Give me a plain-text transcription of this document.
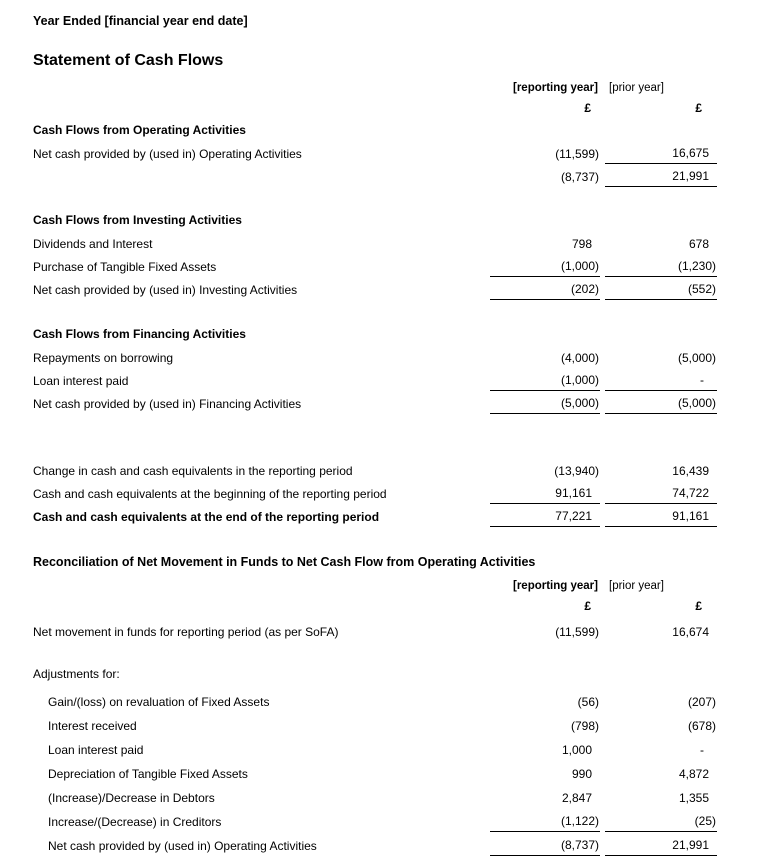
Year Ended [financial year end date]
Statement of Cash Flows
[reporting year] [prior year]
£	£
Cash Flows from Operating Activities
Net cash provided by (used in) Operating Activities	(11,599)	16,675
(8,737)	21,991
Cash Flows from Investing Activities
Dividends and Interest	798	678
Purchase of Tangible Fixed Assets	(1,000)	(1,230)
Net cash provided by (used in) Investing Activities	(202)	(552)
Cash Flows from Financing Activities
Repayments on borrowing	(4,000)	(5,000)
Loan interest paid	(1,000)	-
Net cash provided by (used in) Financing Activities	(5,000)	(5,000)
Change in cash and cash equivalents in the reporting period	(13,940)	16,439
Cash and cash equivalents at the beginning of the reporting period	91,161	74,722
Cash and cash equivalents at the end of the reporting period	77,221	91,161
Reconciliation of Net Movement in Funds to Net Cash Flow from Operating Activities
[reporting year] [prior year]
£	£
Net movement in funds for reporting period (as per SoFA)	(11,599)	16,674
Adjustments for:
Gain/(loss) on revaluation of Fixed Assets	(56)	(207)
Interest received	(798)	(678)
Loan interest paid	1,000	-
Depreciation of Tangible Fixed Assets	990	4,872
(Increase)/Decrease in Debtors	2,847	1,355
Increase/(Decrease) in Creditors	(1,122)	(25)
Net cash provided by (used in) Operating Activities	(8,737)	21,991
